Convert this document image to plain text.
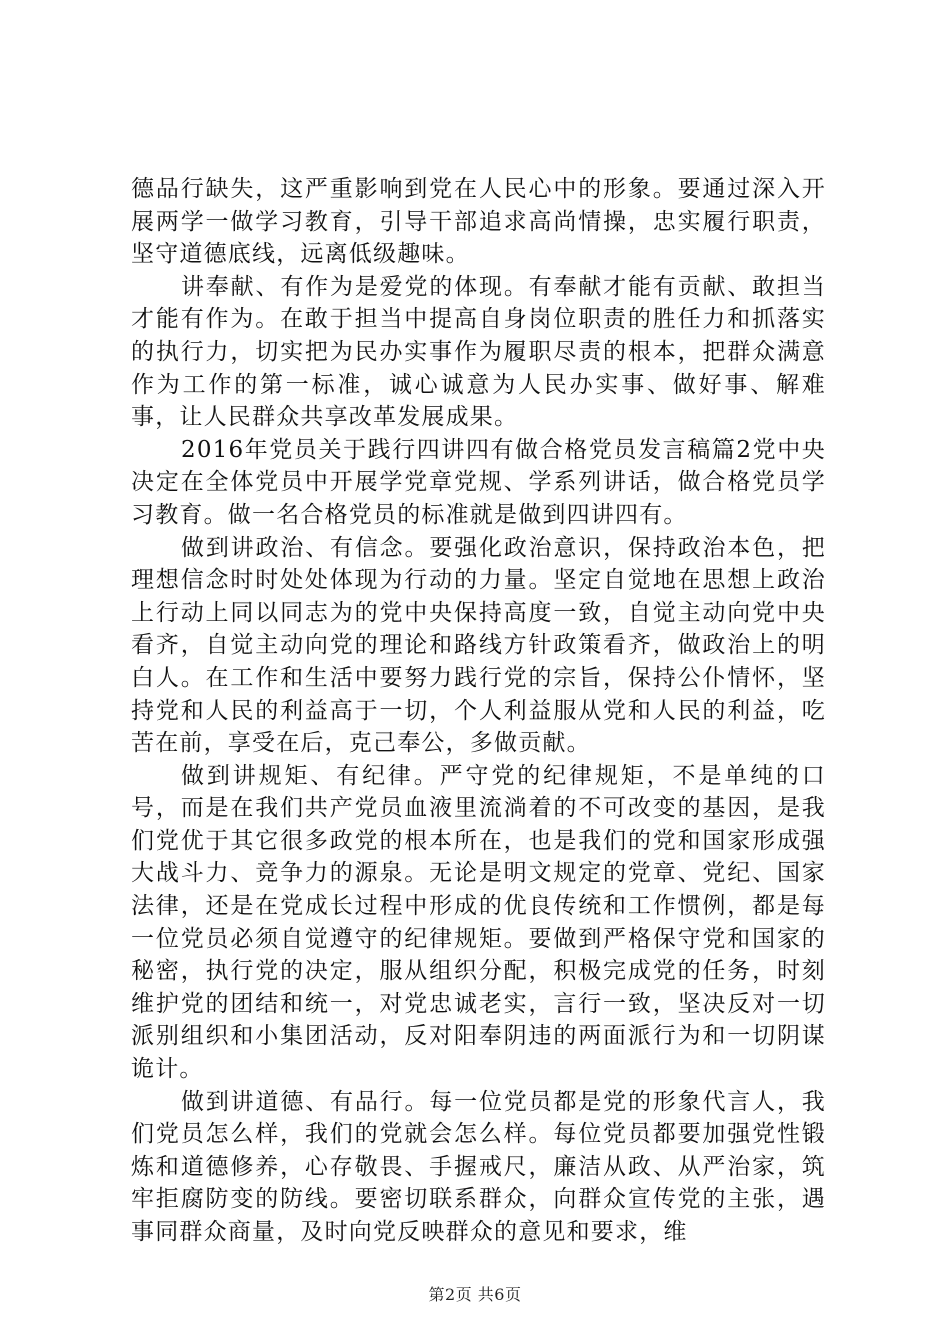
德品行缺失，这严重影响到党在人民心中的形象。要通过深入开展两学一做学习教育，引导干部追求高尚情操，忠实履行职责，坚守道德底线，远离低级趣味。

讲奉献、有作为是爱党的体现。有奉献才能有贡献、敢担当才能有作为。在敢于担当中提高自身岗位职责的胜任力和抓落实的执行力，切实把为民办实事作为履职尽责的根本，把群众满意作为工作的第一标准，诚心诚意为人民办实事、做好事、解难事，让人民群众共享改革发展成果。

2016年党员关于践行四讲四有做合格党员发言稿篇2党中央决定在全体党员中开展学党章党规、学系列讲话，做合格党员学习教育。做一名合格党员的标准就是做到四讲四有。

做到讲政治、有信念。要强化政治意识，保持政治本色，把理想信念时时处处体现为行动的力量。坚定自觉地在思想上政治上行动上同以同志为的党中央保持高度一致，自觉主动向党中央看齐，自觉主动向党的理论和路线方针政策看齐，做政治上的明白人。在工作和生活中要努力践行党的宗旨，保持公仆情怀，坚持党和人民的利益高于一切，个人利益服从党和人民的利益，吃苦在前，享受在后，克己奉公，多做贡献。

做到讲规矩、有纪律。严守党的纪律规矩，不是单纯的口号，而是在我们共产党员血液里流淌着的不可改变的基因，是我们党优于其它很多政党的根本所在，也是我们的党和国家形成强大战斗力、竞争力的源泉。无论是明文规定的党章、党纪、国家法律，还是在党成长过程中形成的优良传统和工作惯例，都是每一位党员必须自觉遵守的纪律规矩。要做到严格保守党和国家的秘密，执行党的决定，服从组织分配，积极完成党的任务，时刻维护党的团结和统一，对党忠诚老实，言行一致，坚决反对一切派别组织和小集团活动，反对阳奉阴违的两面派行为和一切阴谋诡计。

做到讲道德、有品行。每一位党员都是党的形象代言人，我们党员怎么样，我们的党就会怎么样。每位党员都要加强党性锻炼和道德修养，心存敬畏、手握戒尺，廉洁从政、从严治家，筑牢拒腐防变的防线。要密切联系群众，向群众宣传党的主张，遇事同群众商量，及时向党反映群众的意见和要求，维

第2页 共6页
